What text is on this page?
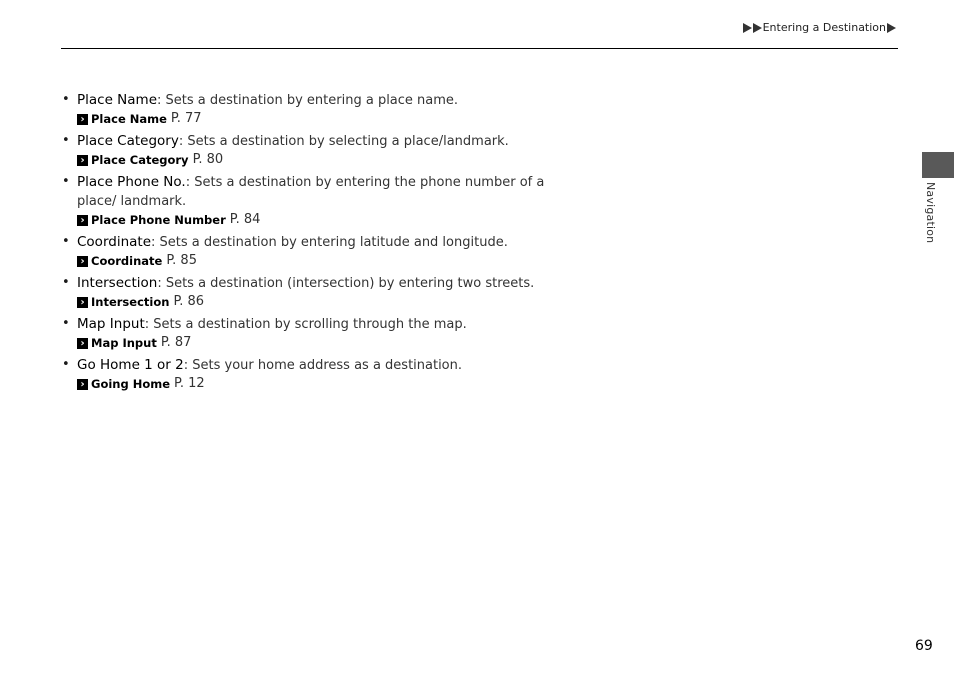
Entering a Destination
Navigation
• Place Name: Sets a destination by entering a place name.
› Place Name P. 77
• Place Category: Sets a destination by selecting a place/landmark.
› Place Category P. 80
• Place Phone No.: Sets a destination by entering the phone number of a place/ landmark.
› Place Phone Number P. 84
• Coordinate: Sets a destination by entering latitude and longitude.
› Coordinate P. 85
• Intersection: Sets a destination (intersection) by entering two streets.
› Intersection P. 86
• Map Input: Sets a destination by scrolling through the map.
› Map Input P. 87
• Go Home 1 or 2: Sets your home address as a destination.
› Going Home P. 12
69
